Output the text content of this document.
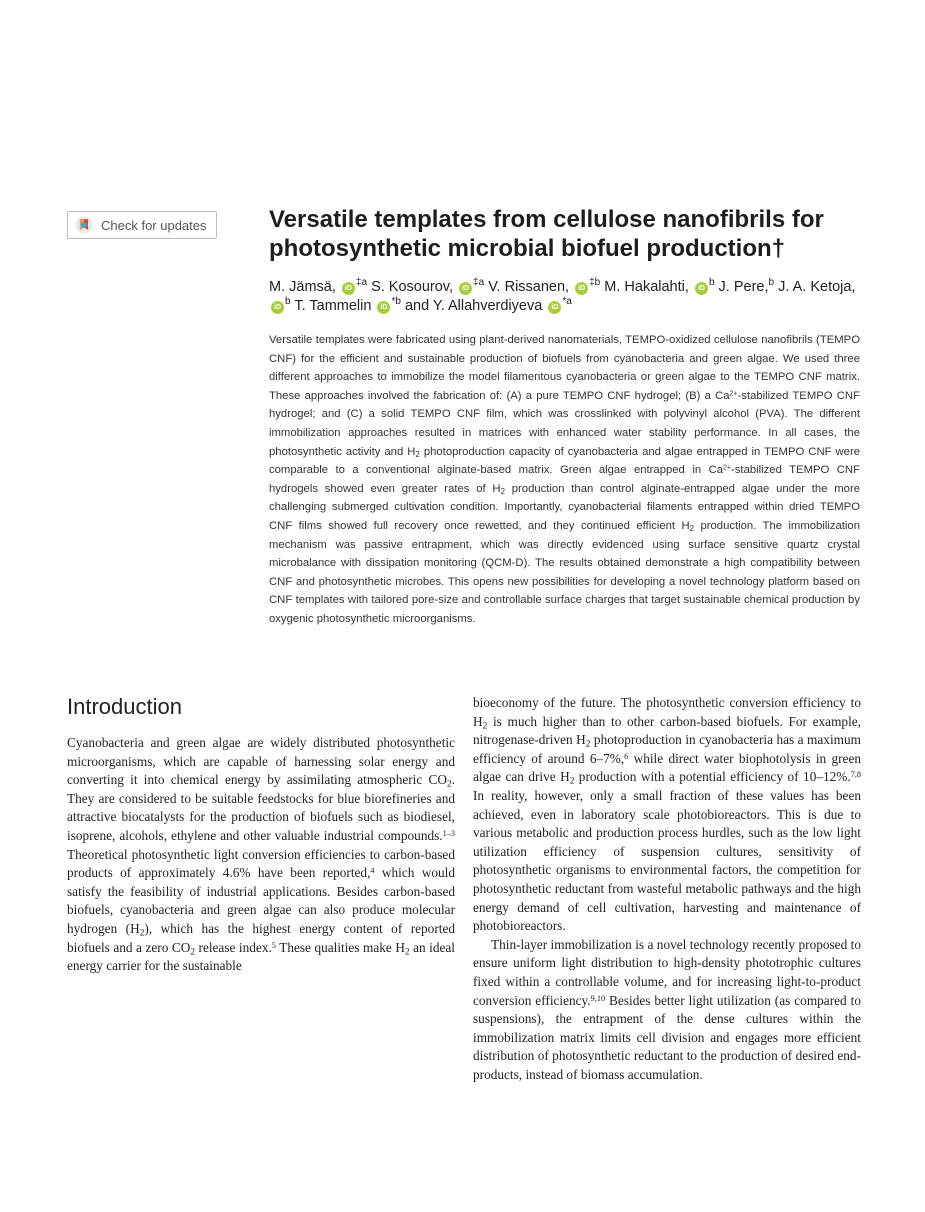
Check for updates	Versatile templates from cellulose nanofibrils for photosynthetic microbial biofuel production†
M. Jämsä, iD$^{\ddagger a}$ S. Kosourov, iD$^{\ddagger a}$ V. Rissanen, iD$^{\ddagger b}$ M. Hakalahti, iD$^b$ J. Pere,$^b$ J. A. Ketoja, iD$^b$ T. Tammelin iD$^{*b}$ and Y. Allahverdiyeva iD$^{*a}$

Versatile templates were fabricated using plant-derived nanomaterials, TEMPO-oxidized cellulose nanofibrils (TEMPO CNF) for the efficient and sustainable production of biofuels from cyanobacteria and green algae. We used three different approaches to immobilize the model filamentous cyanobacteria or green algae to the TEMPO CNF matrix. These approaches involved the fabrication of: (A) a pure TEMPO CNF hydrogel; (B) a $Ca^{2+}$-stabilized TEMPO CNF hydrogel; and (C) a solid TEMPO CNF film, which was crosslinked with polyvinyl alcohol (PVA). The different immobilization approaches resulted in matrices with enhanced water stability performance. In all cases, the photosynthetic activity and $H_2$ photoproduction capacity of cyanobacteria and algae entrapped in TEMPO CNF were comparable to a conventional alginate-based matrix. Green algae entrapped in $Ca^{2+}$-stabilized TEMPO CNF hydrogels showed even greater rates of $H_2$ production than control alginate-entrapped algae under the more challenging submerged cultivation condition. Importantly, cyanobacterial filaments entrapped within dried TEMPO CNF films showed full recovery once rewetted, and they continued efficient $H_2$ production. The immobilization mechanism was passive entrapment, which was directly evidenced using surface sensitive quartz crystal microbalance with dissipation monitoring (QCM-D). The results obtained demonstrate a high compatibility between CNF and photosynthetic microbes. This opens new possibilities for developing a novel technology platform based on CNF templates with tailored pore-size and controllable surface charges that target sustainable chemical production by oxygenic photosynthetic microorganisms.

Introduction

Cyanobacteria and green algae are widely distributed photosynthetic microorganisms, which are capable of harnessing solar energy and converting it into chemical energy by assimilating atmospheric $CO_2$. They are considered to be suitable feedstocks for blue biorefineries and attractive biocatalysts for the production of biofuels such as biodiesel, isoprene, alcohols, ethylene and other valuable industrial compounds.$^{1-3}$ Theoretical photosynthetic light conversion efficiencies to carbon-based products of approximately 4.6% have been reported,$^4$ which would satisfy the feasibility of industrial applications. Besides carbon-based biofuels, cyanobacteria and green algae can also produce molecular hydrogen $(H_2)$, which has the highest energy content of reported biofuels and a zero $CO_2$ release index.$^5$ These qualities make $H_2$ an ideal energy carrier for the sustainable

bioeconomy of the future. The photosynthetic conversion efficiency to $H_2$ is much higher than to other carbon-based biofuels. For example, nitrogenase-driven $H_2$ photoproduction in cyanobacteria has a maximum efficiency of around 6–7%,$^6$ while direct water biophotolysis in green algae can drive $H_2$ production with a potential efficiency of 10–12%.$^{7,8}$ In reality, however, only a small fraction of these values has been achieved, even in laboratory scale photobioreactors. This is due to various metabolic and production process hurdles, such as the low light utilization efficiency of suspension cultures, sensitivity of photosynthetic organisms to environmental factors, the competition for photosynthetic reductant from wasteful metabolic pathways and the high energy demand of cell cultivation, harvesting and maintenance of photobioreactors.

Thin-layer immobilization is a novel technology recently proposed to ensure uniform light distribution to high-density phototrophic cultures fixed within a controllable volume, and for increasing light-to-product conversion efficiency.$^{9,10}$ Besides better light utilization (as compared to suspensions), the entrapment of the dense cultures within the immobilization matrix limits cell division and engages more efficient distribution of photosynthetic reductant to the production of desired end-products, instead of biomass accumulation.
